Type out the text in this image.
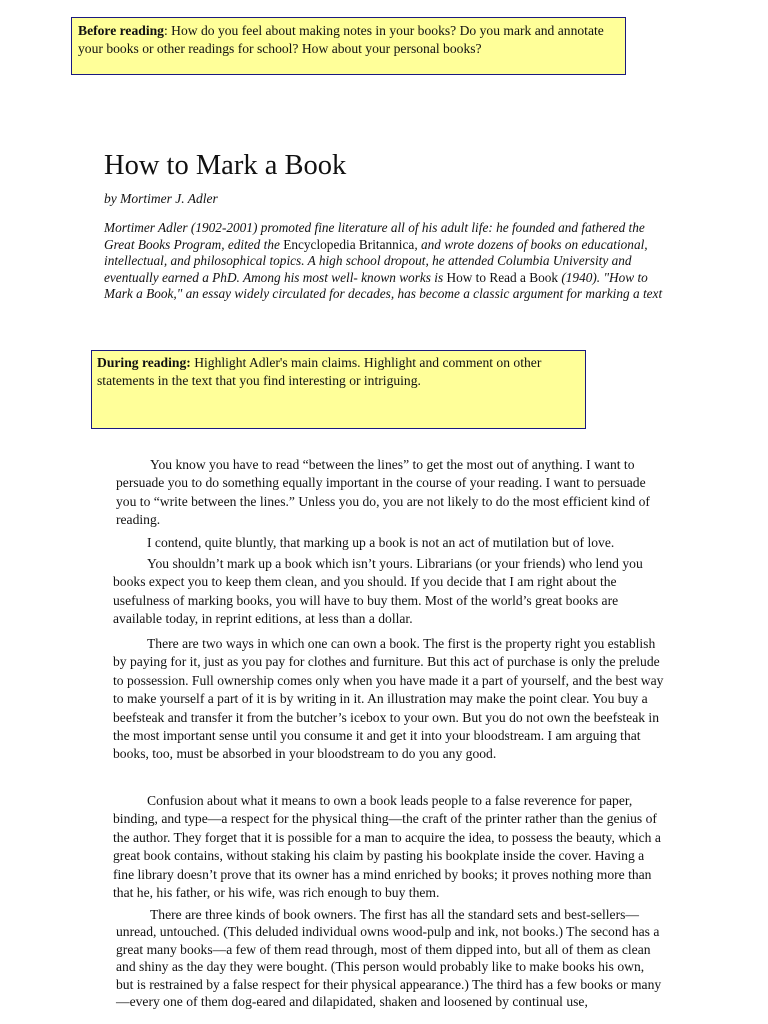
Before reading: How do you feel about making notes in your books? Do you mark and annotate your books or other readings for school? How about your personal books?
How to Mark a Book
by Mortimer J. Adler
Mortimer Adler (1902-2001) promoted fine literature all of his adult life: he founded and fathered the Great Books Program, edited the Encyclopedia Britannica, and wrote dozens of books on educational, intellectual, and philosophical topics. A high school dropout, he attended Columbia University and eventually earned a PhD. Among his most well- known works is How to Read a Book (1940). "How to Mark a Book," an essay widely circulated for decades, has become a classic argument for marking a text
During reading: Highlight Adler's main claims. Highlight and comment on other statements in the text that you find interesting or intriguing.

You know you have to read “between the lines” to get the most out of anything. I want to persuade you to do something equally important in the course of your reading. I want to persuade you to “write between the lines.” Unless you do, you are not likely to do the most efficient kind of reading.

I contend, quite bluntly, that marking up a book is not an act of mutilation but of love.

You shouldn’t mark up a book which isn’t yours. Librarians (or your friends) who lend you books expect you to keep them clean, and you should. If you decide that I am right about the usefulness of marking books, you will have to buy them. Most of the world’s great books are available today, in reprint editions, at less than a dollar.

There are two ways in which one can own a book. The first is the property right you establish by paying for it, just as you pay for clothes and furniture. But this act of purchase is only the prelude to possession. Full ownership comes only when you have made it a part of yourself, and the best way to make yourself a part of it is by writing in it. An illustration may make the point clear. You buy a beefsteak and transfer it from the butcher’s icebox to your own. But you do not own the beefsteak in the most important sense until you consume it and get it into your bloodstream. I am arguing that books, too, must be absorbed in your bloodstream to do you any good.

Confusion about what it means to own a book leads people to a false reverence for paper, binding, and type—a respect for the physical thing—the craft of the printer rather than the genius of the author. They forget that it is possible for a man to acquire the idea, to possess the beauty, which a great book contains, without staking his claim by pasting his bookplate inside the cover. Having a fine library doesn’t prove that its owner has a mind enriched by books; it proves nothing more than that he, his father, or his wife, was rich enough to buy them.

There are three kinds of book owners. The first has all the standard sets and best-sellers—unread, untouched. (This deluded individual owns wood-pulp and ink, not books.) The second has a great many books—a few of them read through, most of them dipped into, but all of them as clean and shiny as the day they were bought. (This person would probably like to make books his own, but is restrained by a false respect for their physical appearance.) The third has a few books or many—every one of them dog-eared and dilapidated, shaken and loosened by continual use,
